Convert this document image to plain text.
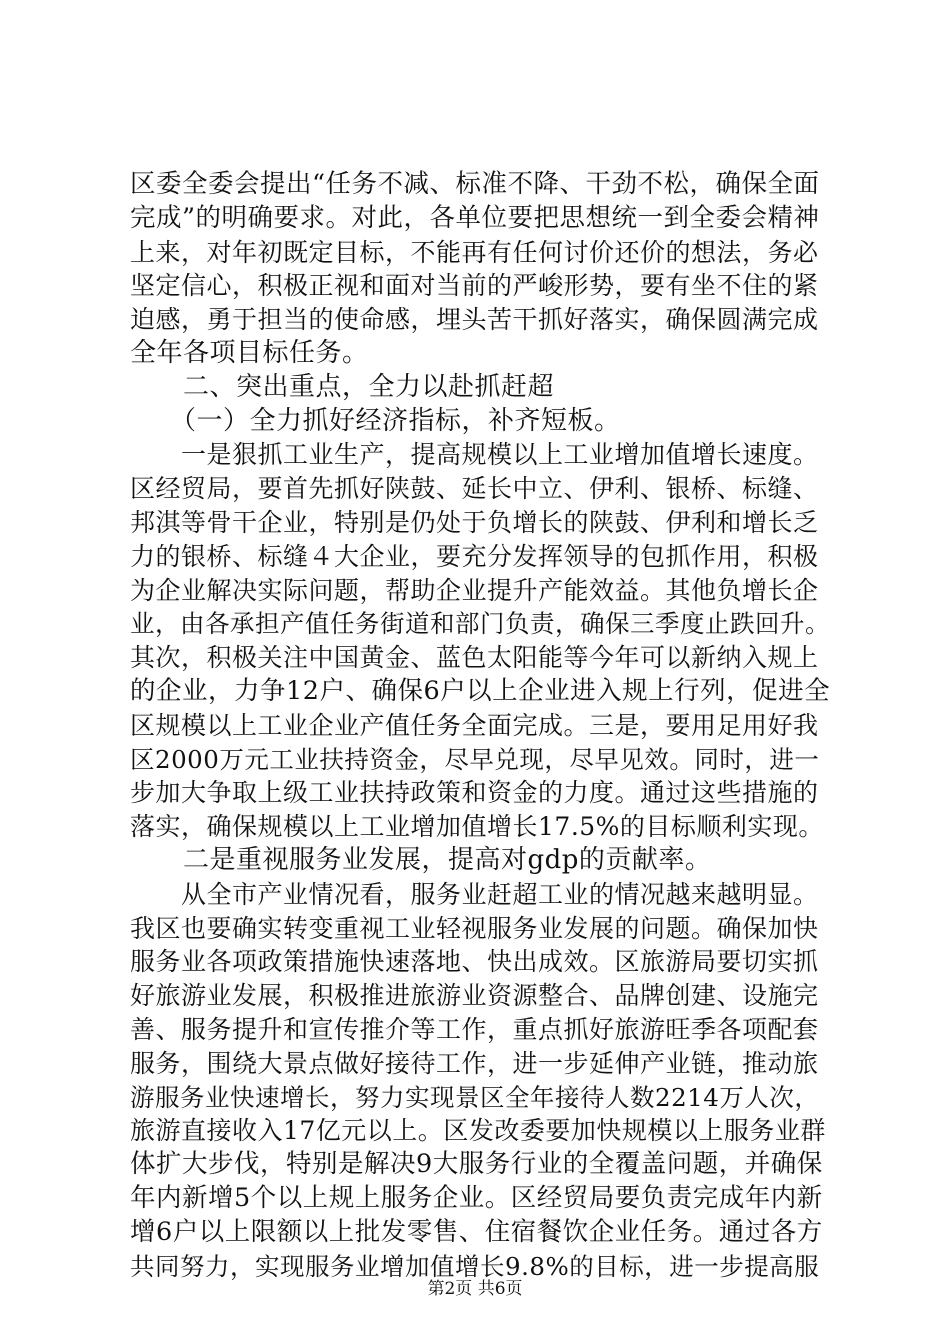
区委全委会提出“任务不减、标准不降、干劲不松，确保全面
完成”的明确要求。对此，各单位要把思想统一到全委会精神
上来，对年初既定目标，不能再有任何讨价还价的想法，务必
坚定信心，积极正视和面对当前的严峻形势，要有坐不住的紧
迫感，勇于担当的使命感，埋头苦干抓好落实，确保圆满完成
全年各项目标任务。
　　二、突出重点，全力以赴抓赶超
　　（一）全力抓好经济指标，补齐短板。
　　一是狠抓工业生产，提高规模以上工业增加值增长速度。
区经贸局，要首先抓好陕鼓、延长中立、伊利、银桥、标缝、
邦淇等骨干企业，特别是仍处于负增长的陕鼓、伊利和增长乏
力的银桥、标缝４大企业，要充分发挥领导的包抓作用，积极
为企业解决实际问题，帮助企业提升产能效益。其他负增长企
业，由各承担产值任务街道和部门负责，确保三季度止跌回升。
其次，积极关注中国黄金、蓝色太阳能等今年可以新纳入规上
的企业，力争12户、确保6户以上企业进入规上行列，促进全
区规模以上工业企业产值任务全面完成。三是，要用足用好我
区2000万元工业扶持资金，尽早兑现，尽早见效。同时，进一
步加大争取上级工业扶持政策和资金的力度。通过这些措施的
落实，确保规模以上工业增加值增长17.5%的目标顺利实现。
　　二是重视服务业发展，提高对gdp的贡献率。
　　从全市产业情况看，服务业赶超工业的情况越来越明显。
我区也要确实转变重视工业轻视服务业发展的问题。确保加快
服务业各项政策措施快速落地、快出成效。区旅游局要切实抓
好旅游业发展，积极推进旅游业资源整合、品牌创建、设施完
善、服务提升和宣传推介等工作，重点抓好旅游旺季各项配套
服务，围绕大景点做好接待工作，进一步延伸产业链，推动旅
游服务业快速增长，努力实现景区全年接待人数2214万人次，
旅游直接收入17亿元以上。区发改委要加快规模以上服务业群
体扩大步伐，特别是解决9大服务行业的全覆盖问题，并确保
年内新增5个以上规上服务企业。区经贸局要负责完成年内新
增6户以上限额以上批发零售、住宿餐饮企业任务。通过各方
共同努力，实现服务业增加值增长9.8%的目标，进一步提高服
第2页 共6页
